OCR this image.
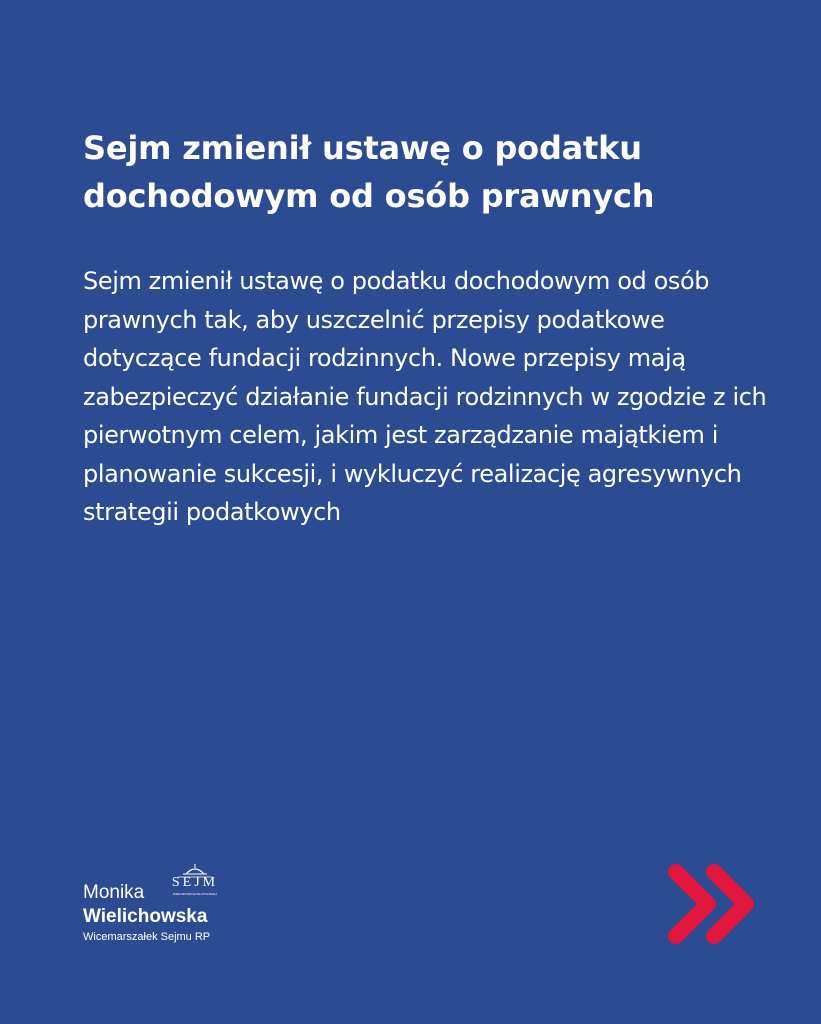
Sejm zmienił ustawę o podatku dochodowym od osób prawnych

Sejm zmienił ustawę o podatku dochodowym od osób prawnych tak, aby uszczelnić przepisy podatkowe dotyczące fundacji rodzinnych. Nowe przepisy mają zabezpieczyć działanie fundacji rodzinnych w zgodzie z ich pierwotnym celem, jakim jest zarządzanie majątkiem i planowanie sukcesji, i wykluczyć realizację agresywnych strategii podatkowych

Monika
Wielichowska
Wicemarszałek Sejmu RP
SEJM
RZECZPOSPOLITEJ POLSKIEJ
